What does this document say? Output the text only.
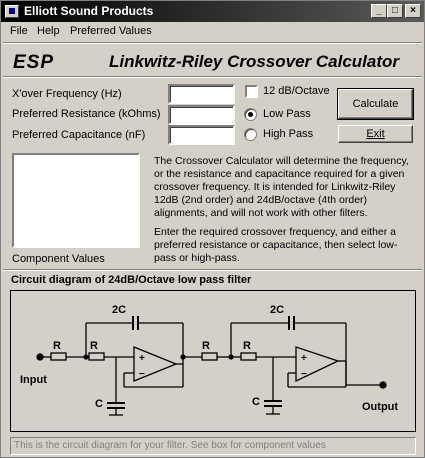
Elliott Sound Products	_	□	×
File Help Preferred Values
ESP	Linkwitz-Riley Crossover Calculator
X'over Frequency (Hz)
Preferred Resistance (kOhms)
Preferred Capacitance (nF)
12 dB/Octave
Low Pass
High Pass
Calculate
Exit
Component Values
The Crossover Calculator will determine the frequency, or the resistance and capacitance required for a given crossover frequency. It is intended for Linkwitz-Riley 12dB (2nd order) and 24dB/octave (4th order) alignments, and will not work with other filters.
Enter the required crossover frequency, and either a preferred resistance or capacitance, then select low-pass or high-pass.
Circuit diagram of 24dB/Octave low pass filter
Input
Output
R	R	R	R
2C	2C
C	C
+
−
+
−
This is the circuit diagram for your filter. See box for component values
